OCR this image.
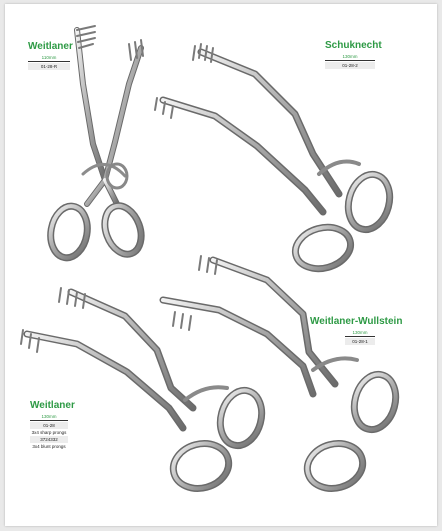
Weitlaner
110mm
01-28-R
Schuknecht
130mm
01-28-2
Weitlaner-Wullstein
130mm
01-28-1
Weitlaner
130mm
01-28
3x4 sharp prongs
3724332
3x4 blunt prongs
